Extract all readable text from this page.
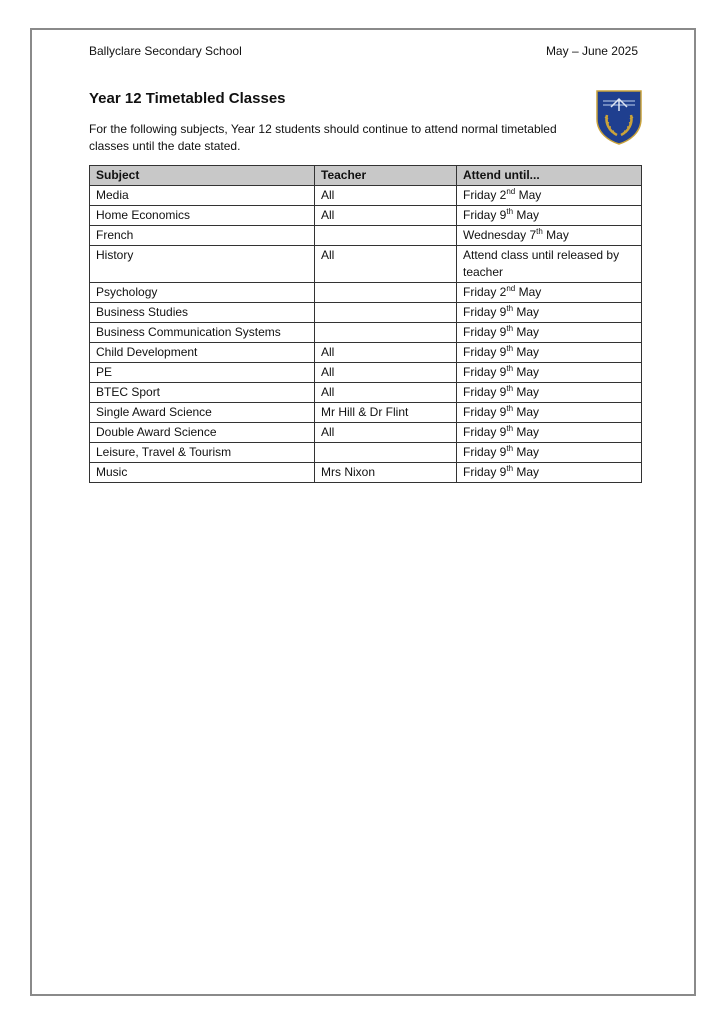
Ballyclare Secondary School	May – June 2025
Year 12 Timetabled Classes

For the following subjects, Year 12 students should continue to attend normal timetabled classes until the date stated.

Subject	Teacher	Attend until...
Media	All	Friday 2nd May
Home Economics	All	Friday 9th May
French		Wednesday 7th May
History	All	Attend class until released by teacher
Psychology		Friday 2nd May
Business Studies		Friday 9th May
Business Communication Systems		Friday 9th May
Child Development	All	Friday 9th May
PE	All	Friday 9th May
BTEC Sport	All	Friday 9th May
Single Award Science	Mr Hill & Dr Flint	Friday 9th May
Double Award Science	All	Friday 9th May
Leisure, Travel & Tourism		Friday 9th May
Music	Mrs Nixon	Friday 9th May
